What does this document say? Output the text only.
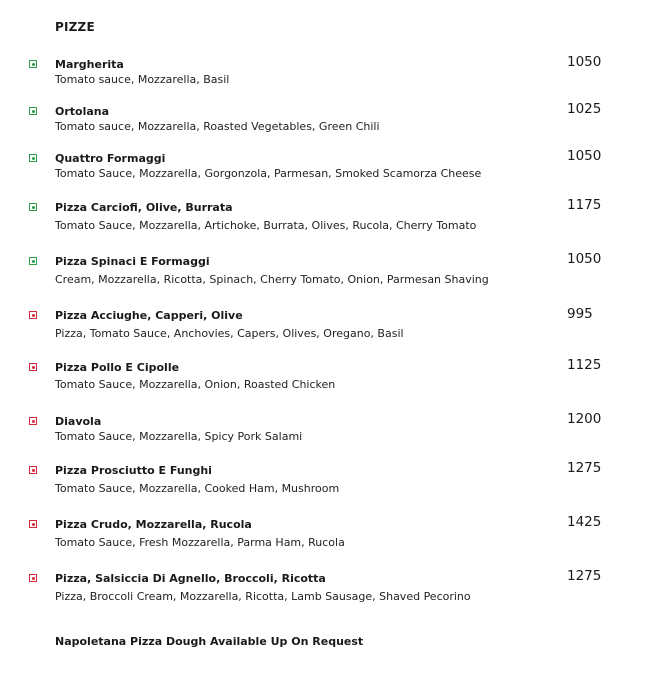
PIZZE
Margherita
Tomato sauce, Mozzarella, Basil
1050
Ortolana
Tomato sauce, Mozzarella, Roasted Vegetables, Green Chili
1025
Quattro Formaggi
Tomato Sauce, Mozzarella, Gorgonzola, Parmesan, Smoked Scamorza Cheese
1050
Pizza Carciofi, Olive, Burrata
Tomato Sauce, Mozzarella, Artichoke, Burrata, Olives, Rucola, Cherry Tomato
1175
Pizza Spinaci E Formaggi
Cream, Mozzarella, Ricotta, Spinach, Cherry Tomato, Onion, Parmesan Shaving
1050
Pizza Acciughe, Capperi, Olive
Pizza, Tomato Sauce, Anchovies, Capers, Olives, Oregano, Basil
995
Pizza Pollo E Cipolle
Tomato Sauce, Mozzarella, Onion, Roasted Chicken
1125
Diavola
Tomato Sauce, Mozzarella, Spicy Pork Salami
1200
Pizza Prosciutto E Funghi
Tomato Sauce, Mozzarella, Cooked Ham, Mushroom
1275
Pizza Crudo, Mozzarella, Rucola
Tomato Sauce, Fresh Mozzarella, Parma Ham, Rucola
1425
Pizza, Salsiccia Di Agnello, Broccoli, Ricotta
Pizza, Broccoli Cream, Mozzarella, Ricotta, Lamb Sausage, Shaved Pecorino
1275
Napoletana Pizza Dough Available Up On Request
